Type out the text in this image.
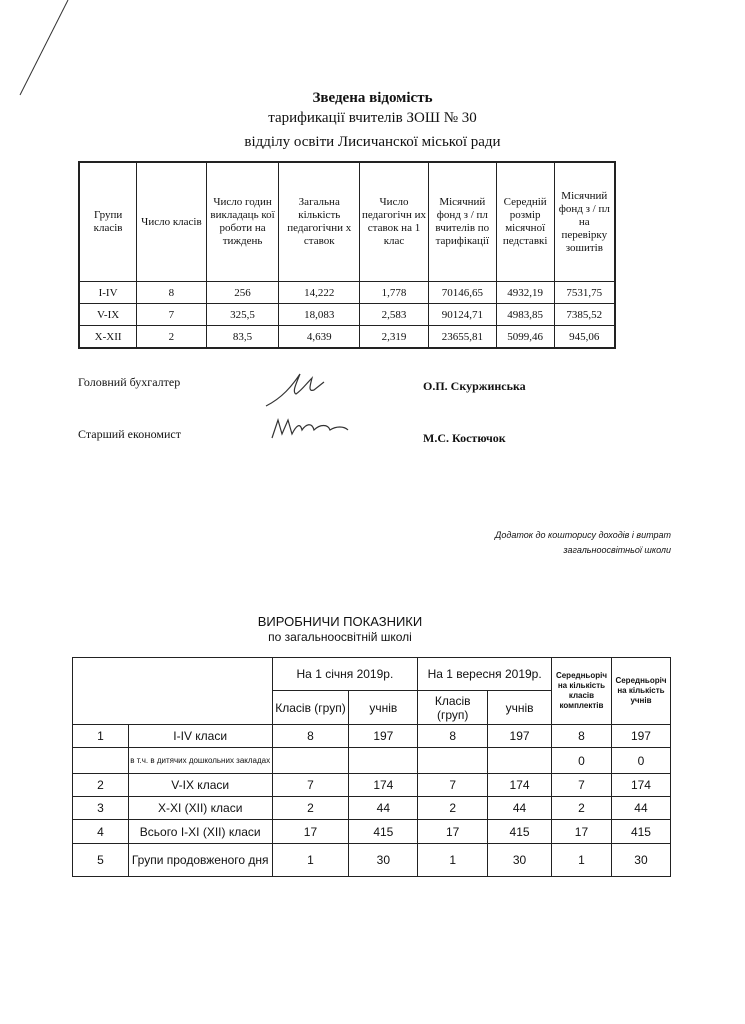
Зведена відомість
тарификації вчителів ЗОШ № 30
відділу освіти Лисичанскої міської ради
Групи класів	Число класів	Число годин викладаць кої роботи на тиждень	Загальна кількість педагогічни х ставок	Число педагогічн их ставок на 1 клас	Місячний фонд з / пл вчителів по тарифікації	Середній розмір місячної педставкі	Місячний фонд з / пл на перевірку зошитів
I-IV	8	256	14,222	1,778	70146,65	4932,19	7531,75
V-IX	7	325,5	18,083	2,583	90124,71	4983,85	7385,52
X-XII	2	83,5	4,639	2,319	23655,81	5099,46	945,06
Головний бухгалтер	О.П. Скуржинська
Старший економист	М.С. Костючок
Додаток до кошторису доходів і витрат
загальноосвітньої школи
ВИРОБНИЧИ ПОКАЗНИКИ
по загальноосвітній школі
		На 1 січня 2019р.		На 1 вересня 2019р.		Середньоріч на кількість класів комплектів	Середньоріч на кількість учнів
		Класів (груп)	учнів	Класів (груп)	учнів		
1	I-IV класи	8	197	8	197	8	197
	в т.ч. в дитячих дошкольних закладах					0	0
2	V-IX класи	7	174	7	174	7	174
3	X-XI (XII) класи	2	44	2	44	2	44
4	Всього I-XI (XII) класи	17	415	17	415	17	415
5	Групи продовженого дня	1	30	1	30	1	30
